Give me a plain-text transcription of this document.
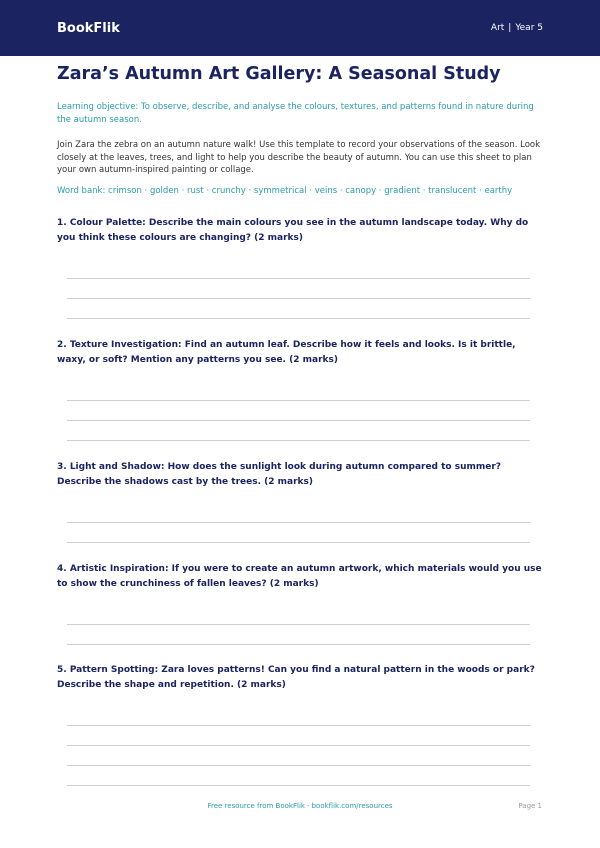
BookFlik	Art | Year 5
Zara’s Autumn Art Gallery: A Seasonal Study

Learning objective: To observe, describe, and analyse the colours, textures, and patterns found in nature during the autumn season.

Join Zara the zebra on an autumn nature walk! Use this template to record your observations of the season. Look closely at the leaves, trees, and light to help you describe the beauty of autumn. You can use this sheet to plan your own autumn-inspired painting or collage.

Word bank: crimson · golden · rust · crunchy · symmetrical · veins · canopy · gradient · translucent · earthy

1. Colour Palette: Describe the main colours you see in the autumn landscape today. Why do you think these colours are changing? (2 marks)

2. Texture Investigation: Find an autumn leaf. Describe how it feels and looks. Is it brittle, waxy, or soft? Mention any patterns you see. (2 marks)

3. Light and Shadow: How does the sunlight look during autumn compared to summer? Describe the shadows cast by the trees. (2 marks)

4. Artistic Inspiration: If you were to create an autumn artwork, which materials would you use to show the crunchiness of fallen leaves? (2 marks)

5. Pattern Spotting: Zara loves patterns! Can you find a natural pattern in the woods or park? Describe the shape and repetition. (2 marks)

Free resource from BookFlik · bookflik.com/resources	Page 1
